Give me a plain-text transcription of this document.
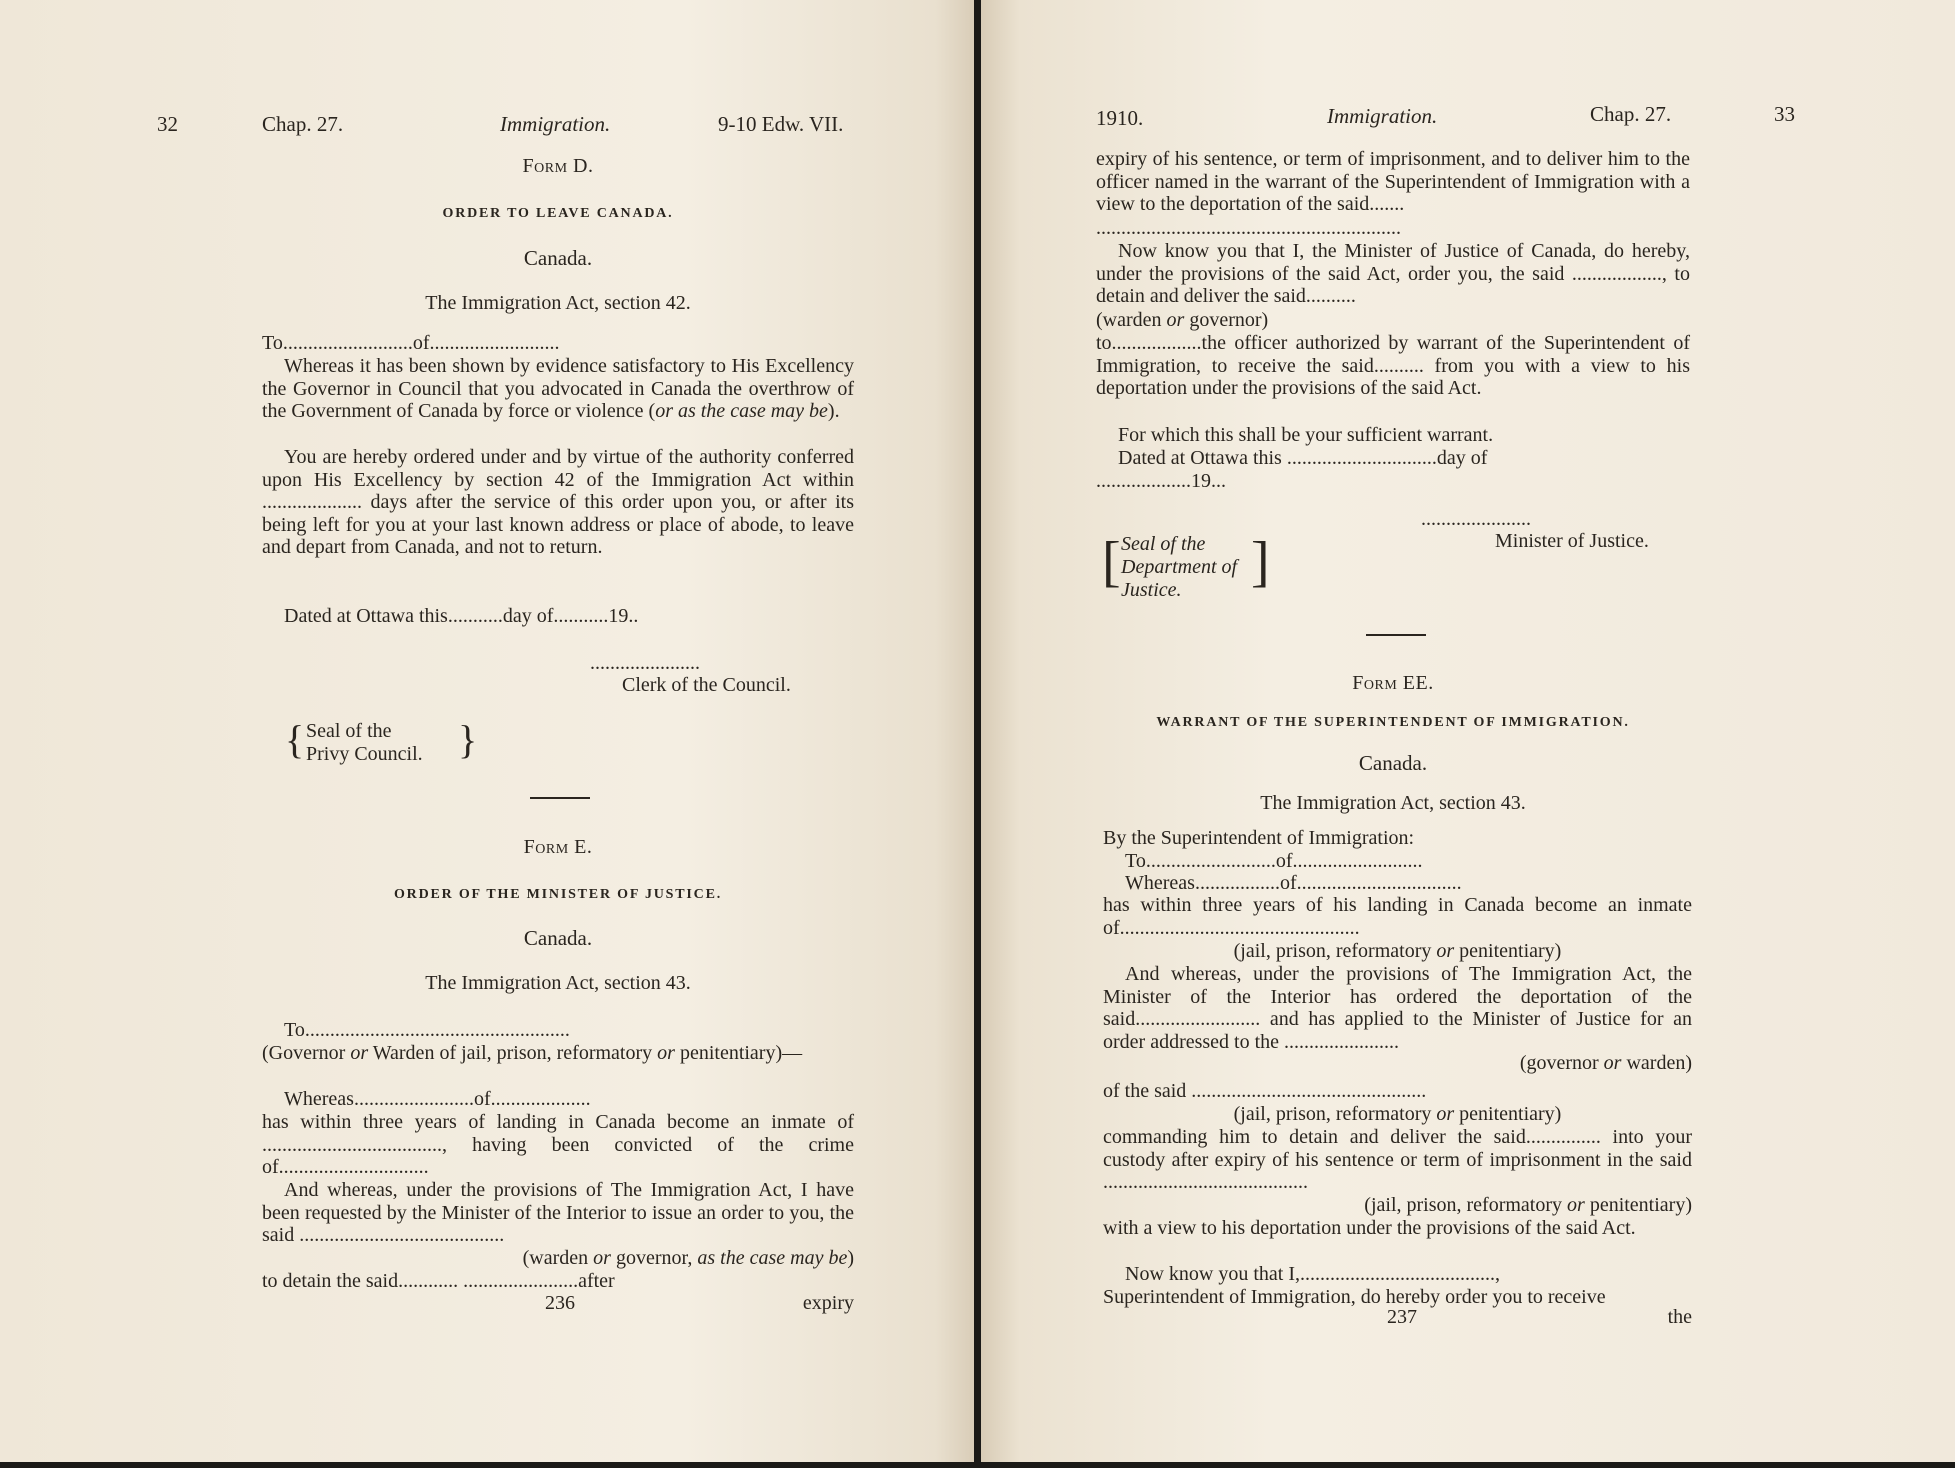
32	Chap. 27.	Immigration.	9-10 Edw. VII.
Form D.
ORDER TO LEAVE CANADA.
Canada.
The Immigration Act, section 42.
To..........................of..........................
Whereas it has been shown by evidence satisfactory to His Excellency the Governor in Council that you advocated in Canada the overthrow of the Government of Canada by force or violence (or as the case may be).
You are hereby ordered under and by virtue of the authority conferred upon His Excellency by section 42 of the Immigration Act within .................... days after the service of this order upon you, or after its being left for you at your last known address or place of abode, to leave and depart from Canada, and not to return.
Dated at Ottawa this...........day of...........19..
......................
Clerk of the Council.
{ Seal of the
Privy Council. }
Form E.
ORDER OF THE MINISTER OF JUSTICE.
Canada.
The Immigration Act, section 43.
To.....................................................
(Governor or Warden of jail, prison, reformatory or penitentiary)—
Whereas........................of....................
has within three years of landing in Canada become an inmate of ...................................., having been convicted of the crime of..............................
And whereas, under the provisions of The Immigration Act, I have been requested by the Minister of the Interior to issue an order to you, the said .........................................
(warden or governor, as the case may be)
to detain the said............ .......................after
236	expiry
1910.	Immigration.	Chap. 27.	33
expiry of his sentence, or term of imprisonment, and to deliver him to the officer named in the warrant of the Superintendent of Immigration with a view to the deportation of the said.......
.............................................................
Now know you that I, the Minister of Justice of Canada, do hereby, under the provisions of the said Act, order you, the said .................., to detain and deliver the said..........
(warden or governor)
to..................the officer authorized by warrant of the Superintendent of Immigration, to receive the said.......... from you with a view to his deportation under the provisions of the said Act.
For which this shall be your sufficient warrant.
Dated at Ottawa this ..............................day of
...................19...
......................
Minister of Justice.
[ Seal of the
Department of
Justice. ]
Form EE.
WARRANT OF THE SUPERINTENDENT OF IMMIGRATION.
Canada.
The Immigration Act, section 43.
By the Superintendent of Immigration:
To..........................of..........................
Whereas.................of.................................
has within three years of his landing in Canada become an inmate of................................................
(jail, prison, reformatory or penitentiary)
And whereas, under the provisions of The Immigration Act, the Minister of the Interior has ordered the deportation of the said......................... and has applied to the Minister of Justice for an order addressed to the .......................
(governor or warden)
of the said ...............................................
(jail, prison, reformatory or penitentiary)
commanding him to detain and deliver the said............... into your custody after expiry of his sentence or term of imprisonment in the said .........................................
(jail, prison, reformatory or penitentiary)
with a view to his deportation under the provisions of the said Act.
Now know you that I,.......................................,
Superintendent of Immigration, do hereby order you to receive
237	the
